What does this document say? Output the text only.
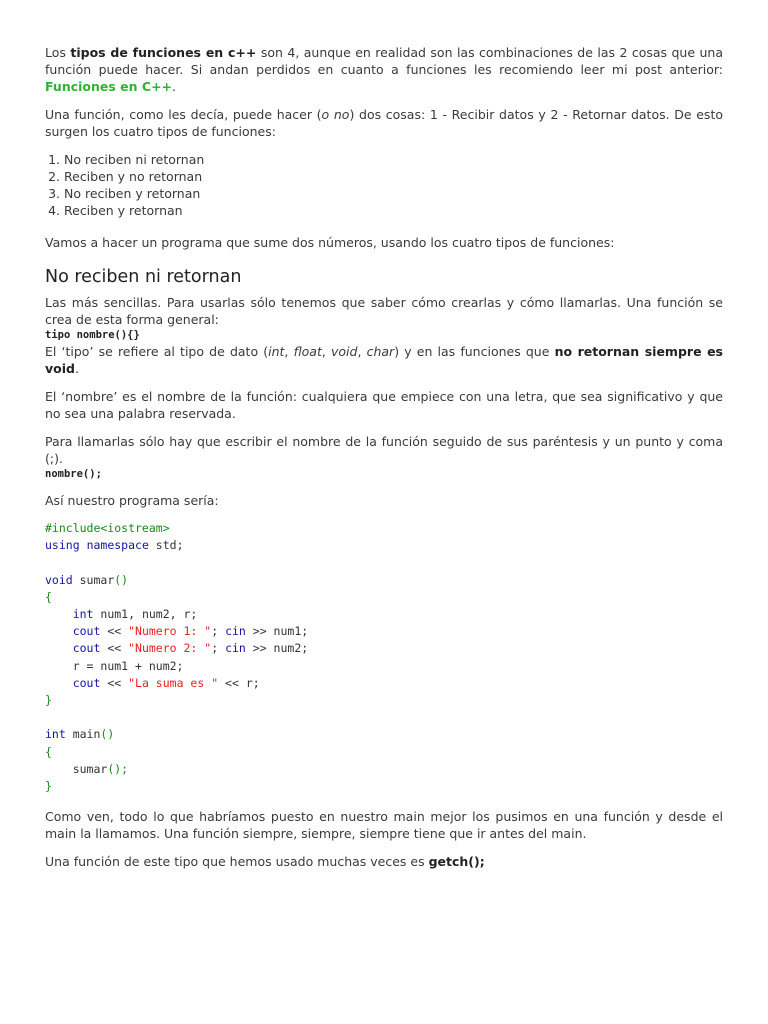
Los tipos de funciones en c++ son 4, aunque en realidad son las combinaciones de las 2 cosas que una función puede hacer. Si andan perdidos en cuanto a funciones les recomiendo leer mi post anterior: Funciones en C++.

Una función, como les decía, puede hacer (o no) dos cosas: 1 - Recibir datos y 2 - Retornar datos. De esto surgen los cuatro tipos de funciones:

1. No reciben ni retornan
2. Reciben y no retornan
3. No reciben y retornan
4. Reciben y retornan

Vamos a hacer un programa que sume dos números, usando los cuatro tipos de funciones:

No reciben ni retornan

Las más sencillas. Para usarlas sólo tenemos que saber cómo crearlas y cómo llamarlas. Una función se crea de esta forma general:

tipo nombre(){}

El ‘tipo’ se refiere al tipo de dato (int, float, void, char) y en las funciones que no retornan siempre es void.

El ‘nombre’ es el nombre de la función: cualquiera que empiece con una letra, que sea significativo y que no sea una palabra reservada.

Para llamarlas sólo hay que escribir el nombre de la función seguido de sus paréntesis y un punto y coma (;).

nombre();

Así nuestro programa sería:

#include<iostream>
using namespace std;

void sumar()
{
int num1, num2, r;
cout << "Numero 1: "; cin >> num1;
cout << "Numero 2: "; cin >> num2;
r = num1 + num2;
cout << "La suma es " << r;
}

int main()
{
sumar();
}

Como ven, todo lo que habríamos puesto en nuestro main mejor los pusimos en una función y desde el main la llamamos. Una función siempre, siempre, siempre tiene que ir antes del main.

Una función de este tipo que hemos usado muchas veces es getch();
